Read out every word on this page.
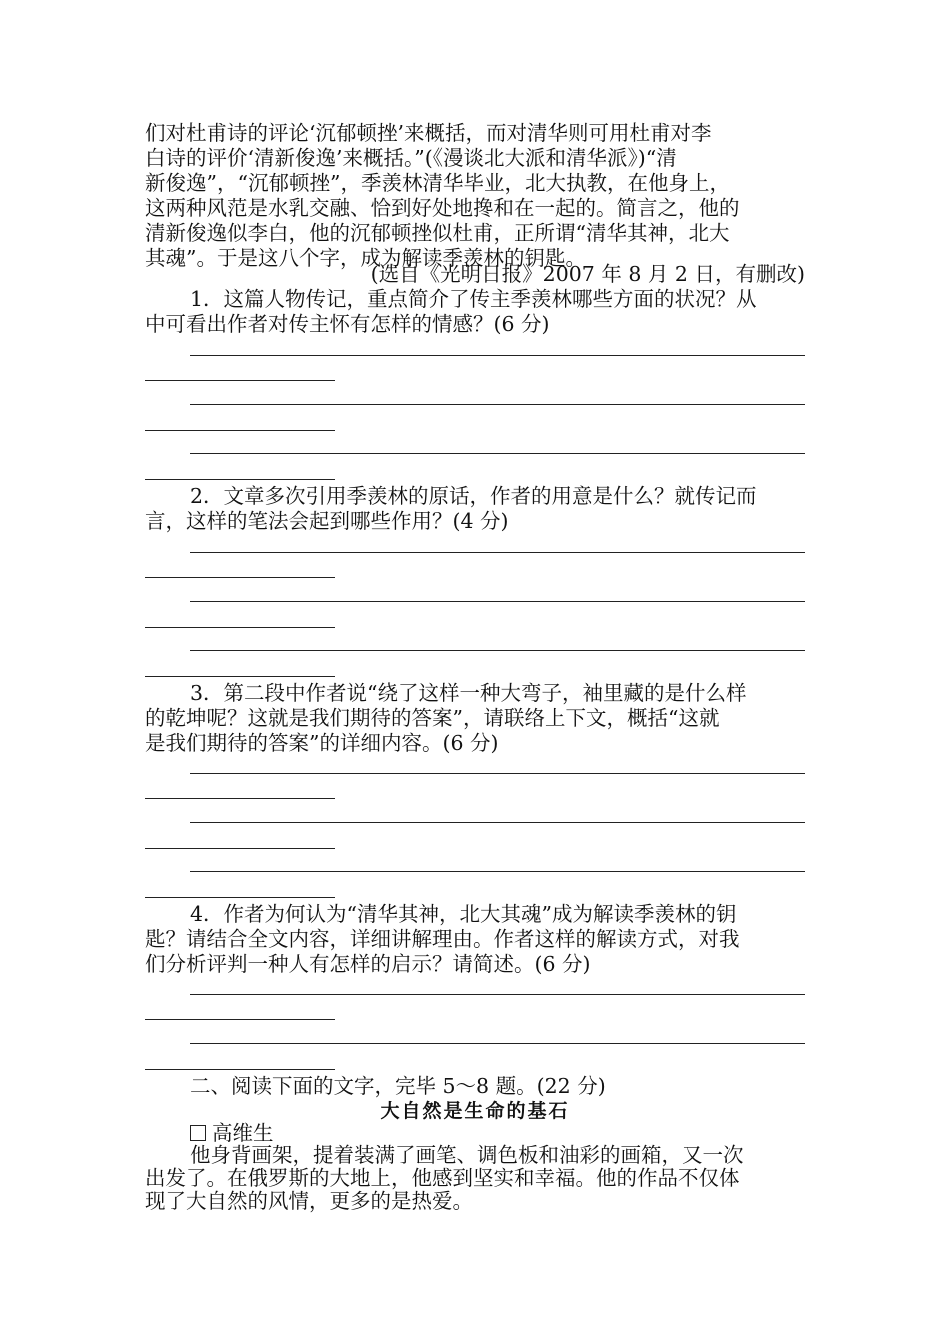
们对杜甫诗的评论‘沉郁顿挫’来概括，而对清华则可用杜甫对李
白诗的评价‘清新俊逸’来概括。”(《漫谈北大派和清华派》)“清
新俊逸”，“沉郁顿挫”，季羡林清华毕业，北大执教，在他身上，
这两种风范是水乳交融、恰到好处地搀和在一起的。简言之，他的
清新俊逸似李白，他的沉郁顿挫似杜甫，正所谓“清华其神，北大
其魂”。于是这八个字，成为解读季羡林的钥匙。
(选自《光明日报》2007 年 8 月 2 日，有删改)
1．这篇人物传记，重点简介了传主季羡林哪些方面的状况？从
中可看出作者对传主怀有怎样的情感？(6 分)
2．文章多次引用季羡林的原话，作者的用意是什么？就传记而
言，这样的笔法会起到哪些作用？(4 分)
3．第二段中作者说“绕了这样一种大弯子，袖里藏的是什么样
的乾坤呢？这就是我们期待的答案”，请联络上下文，概括“这就
是我们期待的答案”的详细内容。(6 分)
4．作者为何认为“清华其神，北大其魂”成为解读季羡林的钥
匙？请结合全文内容，详细讲解理由。作者这样的解读方式，对我
们分析评判一种人有怎样的启示？请简述。(6 分)
二、阅读下面的文字，完毕 5～8 题。(22 分)
大自然是生命的基石
高维生
他身背画架，提着装满了画笔、调色板和油彩的画箱，又一次
出发了。在俄罗斯的大地上，他感到坚实和幸福。他的作品不仅体
现了大自然的风情，更多的是热爱。
